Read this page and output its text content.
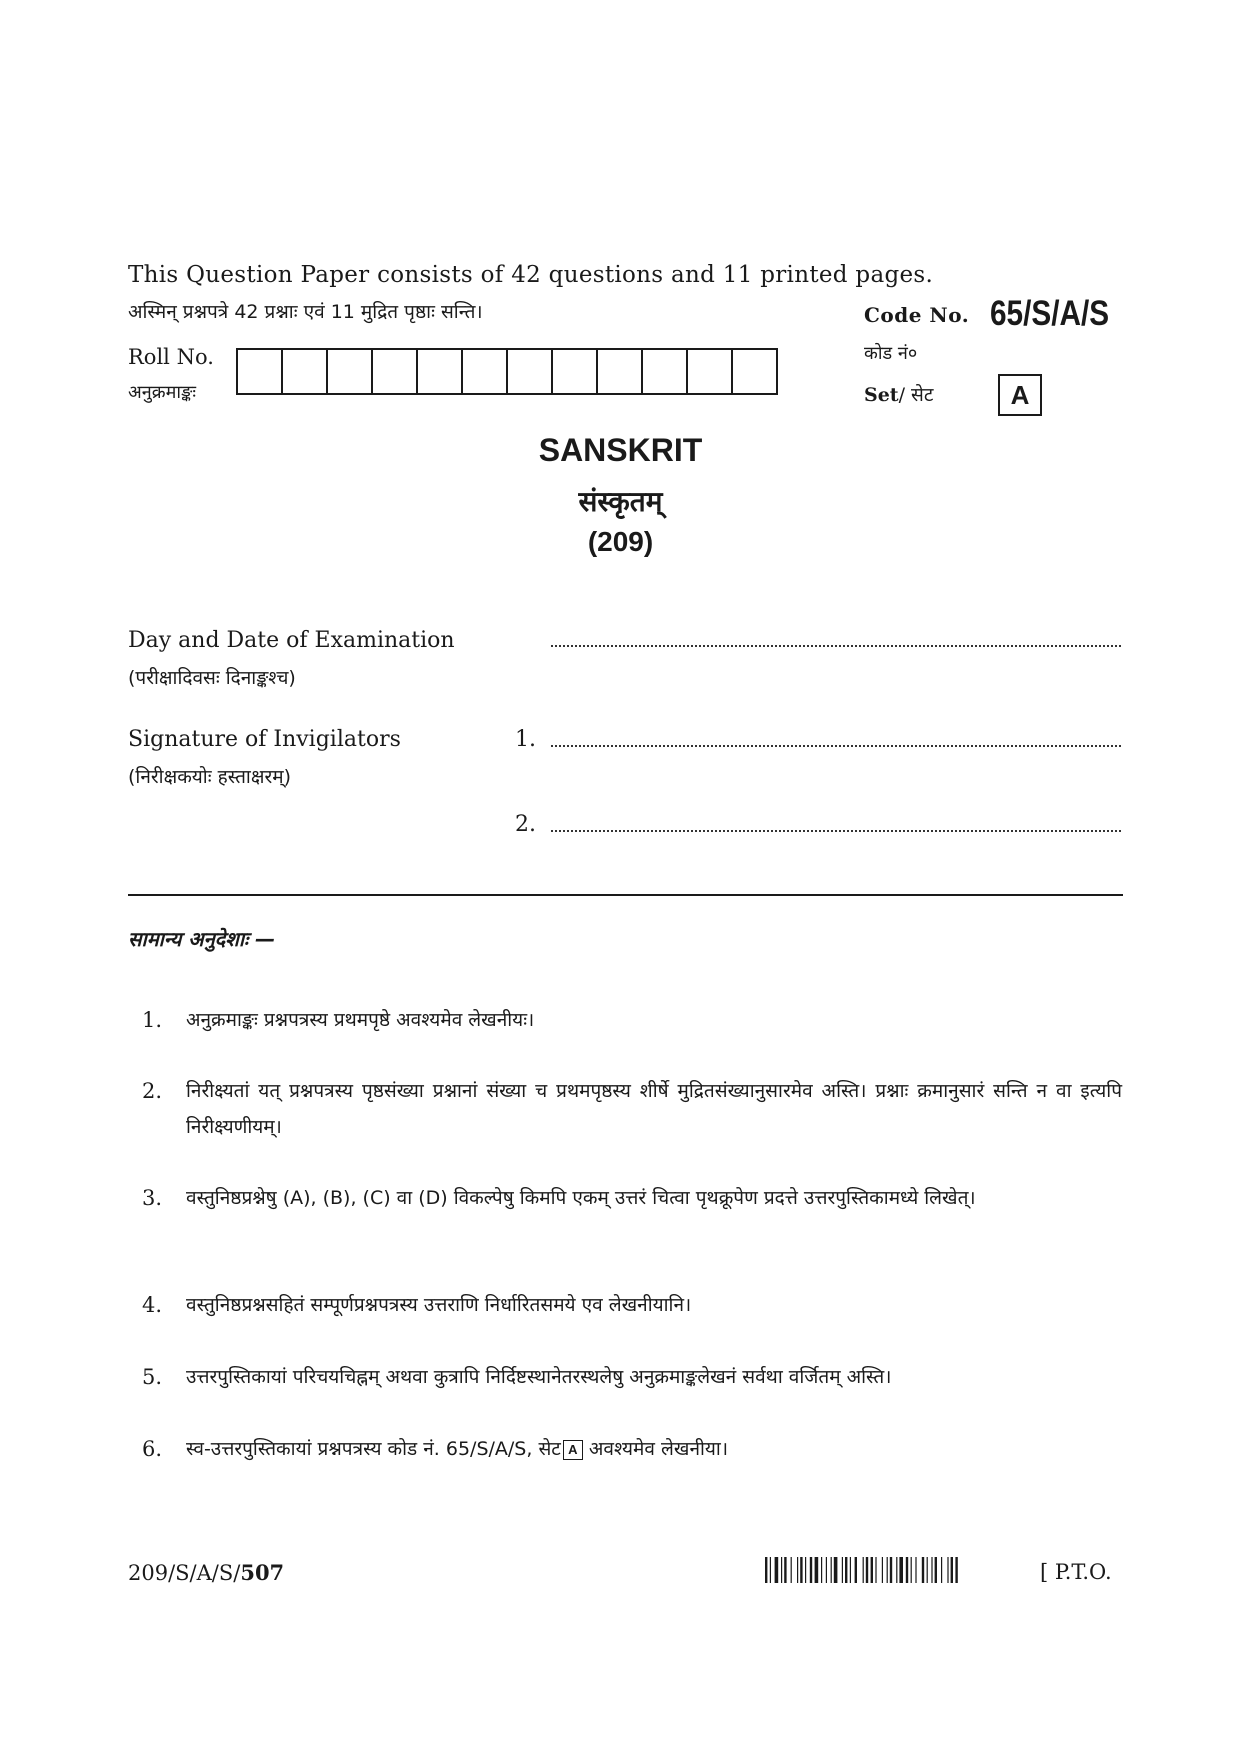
This Question Paper consists of 42 questions and 11 printed pages.
अस्मिन् प्रश्नपत्रे 42 प्रश्नाः एवं 11 मुद्रित पृष्ठाः सन्ति।	Code No. 65/S/A/S
कोड नं०
Set/ सेट	A
Roll No.
अनुक्रमाङ्कः
SANSKRIT
संस्कृतम्
(209)
Day and Date of Examination
(परीक्षादिवसः दिनाङ्कश्च)
Signature of Invigilators
(निरीक्षकयोः हस्ताक्षरम्)
1.
2.
सामान्य अनुदेशाः —
1.	अनुक्रमाङ्कः प्रश्नपत्रस्य प्रथमपृष्ठे अवश्यमेव लेखनीयः।
2.	निरीक्ष्यतां यत् प्रश्नपत्रस्य पृष्ठसंख्या प्रश्नानां संख्या च प्रथमपृष्ठस्य शीर्षे मुद्रितसंख्यानुसारमेव अस्ति। प्रश्नाः क्रमानुसारं सन्ति न वा इत्यपि निरीक्ष्यणीयम्।
3.	वस्तुनिष्ठप्रश्नेषु (A), (B), (C) वा (D) विकल्पेषु किमपि एकम् उत्तरं चित्वा पृथक्रूपेण प्रदत्ते उत्तरपुस्तिकामध्ये लिखेत्।
4.	वस्तुनिष्ठप्रश्नसहितं सम्पूर्णप्रश्नपत्रस्य उत्तराणि निर्धारितसमये एव लेखनीयानि।
5.	उत्तरपुस्तिकायां परिचयचिह्नम् अथवा कुत्रापि निर्दिष्टस्थानेतरस्थलेषु अनुक्रमाङ्कलेखनं सर्वथा वर्जितम् अस्ति।
6.	स्व-उत्तरपुस्तिकायां प्रश्नपत्रस्य कोड नं. 65/S/A/S, सेट A अवश्यमेव लेखनीया।
209/S/A/S/507	[ P.T.O.
